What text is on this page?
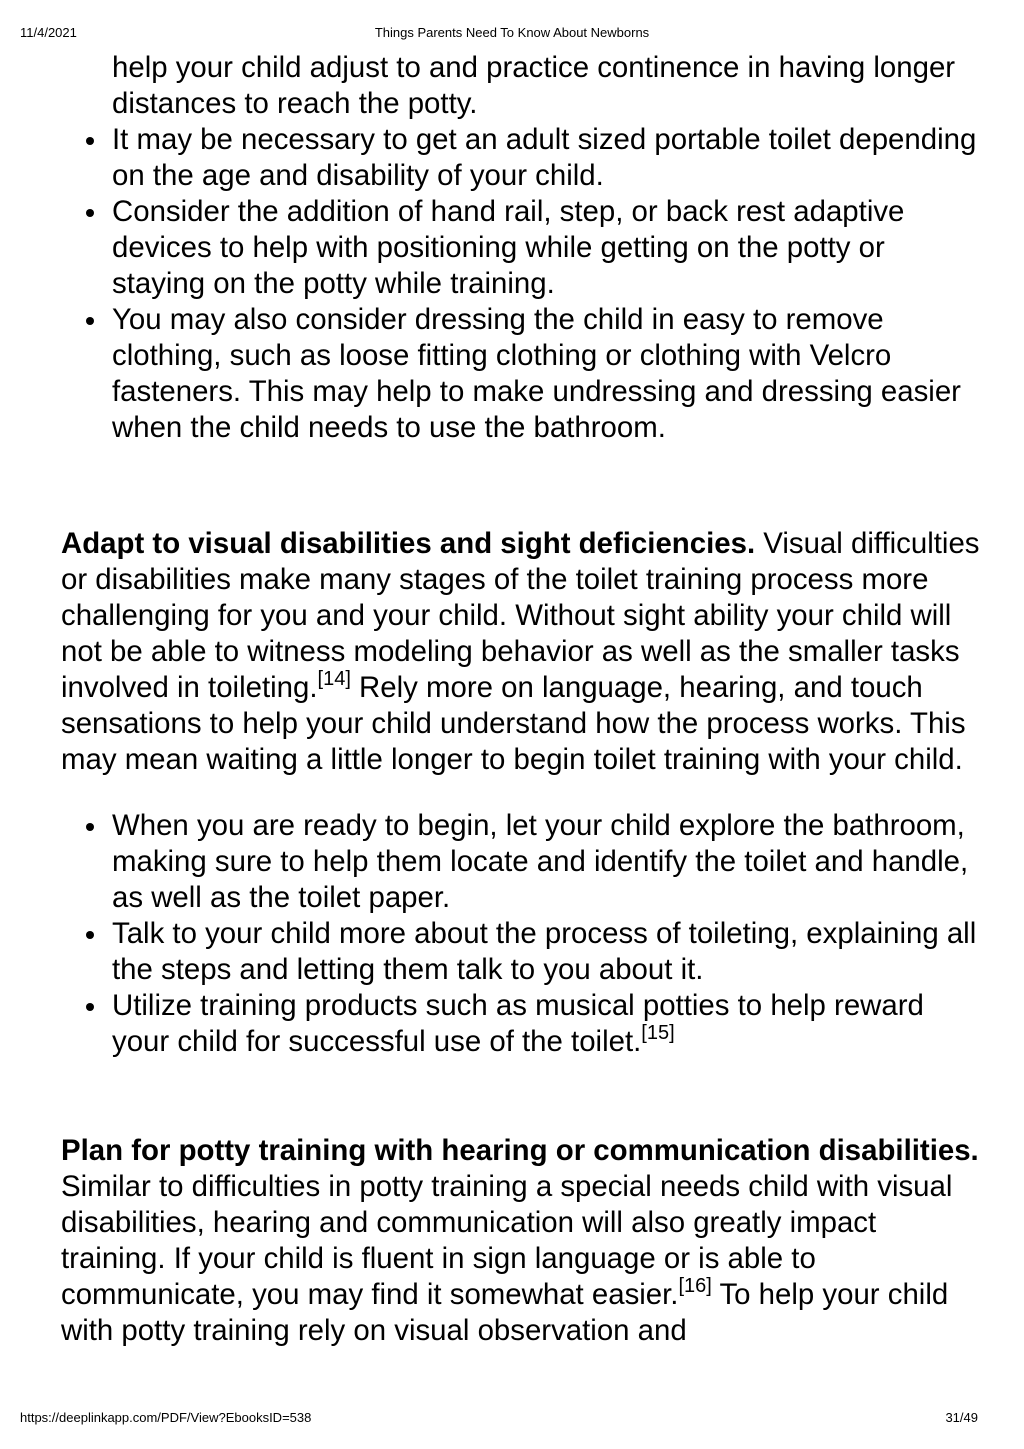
11/4/2021	Things Parents Need To Know About Newborns
help your child adjust to and practice continence in having longer distances to reach the potty.
It may be necessary to get an adult sized portable toilet depending on the age and disability of your child.
Consider the addition of hand rail, step, or back rest adaptive devices to help with positioning while getting on the potty or staying on the potty while training.
You may also consider dressing the child in easy to remove clothing, such as loose fitting clothing or clothing with Velcro fasteners. This may help to make undressing and dressing easier when the child needs to use the bathroom.

Adapt to visual disabilities and sight deficiencies. Visual difficulties or disabilities make many stages of the toilet training process more challenging for you and your child. Without sight ability your child will not be able to witness modeling behavior as well as the smaller tasks involved in toileting.[14] Rely more on language, hearing, and touch sensations to help your child understand how the process works. This may mean waiting a little longer to begin toilet training with your child.

When you are ready to begin, let your child explore the bathroom, making sure to help them locate and identify the toilet and handle, as well as the toilet paper.
Talk to your child more about the process of toileting, explaining all the steps and letting them talk to you about it.
Utilize training products such as musical potties to help reward your child for successful use of the toilet.[15]

Plan for potty training with hearing or communication disabilities. Similar to difficulties in potty training a special needs child with visual disabilities, hearing and communication will also greatly impact training. If your child is fluent in sign language or is able to communicate, you may find it somewhat easier.[16] To help your child with potty training rely on visual observation and

https://deeplinkapp.com/PDF/View?EbooksID=538	31/49
